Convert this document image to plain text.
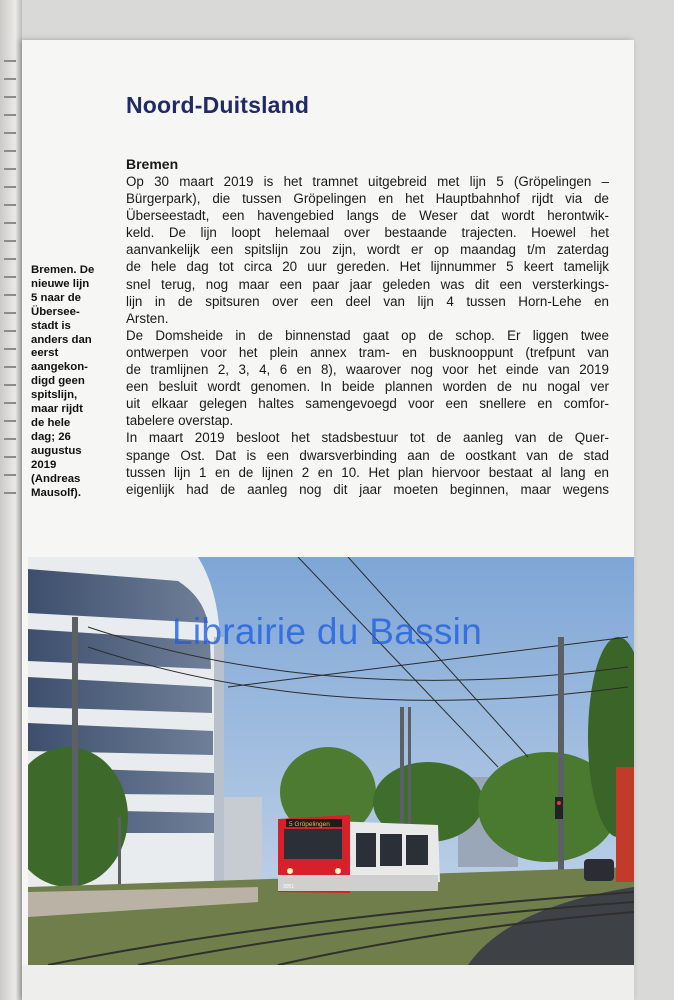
Noord-Duitsland
Bremen
Op 30 maart 2019 is het tramnet uitgebreid met lijn 5 (Gröpelingen –
Bürgerpark), die tussen Gröpelingen en het Hauptbahnhof rijdt via de
Überseestadt, een havengebied langs de Weser dat wordt herontwik-
keld. De lijn loopt helemaal over bestaande trajecten. Hoewel het
aanvankelijk een spitslijn zou zijn, wordt er op maandag t/m zaterdag
de hele dag tot circa 20 uur gereden. Het lijnnummer 5 keert tamelijk
snel terug, nog maar een paar jaar geleden was dit een versterkings-
lijn in de spitsuren over een deel van lijn 4 tussen Horn-Lehe en
Arsten.
De Domsheide in de binnenstad gaat op de schop. Er liggen twee
ontwerpen voor het plein annex tram- en busknooppunt (trefpunt van
de tramlijnen 2, 3, 4, 6 en 8), waarover nog voor het einde van 2019
een besluit wordt genomen. In beide plannen worden de nu nogal ver
uit elkaar gelegen haltes samengevoegd voor een snellere en comfor-
tabelere overstap.
In maart 2019 besloot het stadsbestuur tot de aanleg van de Quer-
spange Ost. Dat is een dwarsverbinding aan de oostkant van de stad
tussen lijn 1 en de lijnen 2 en 10. Het plan hiervoor bestaat al lang en
eigenlijk had de aanleg nog dit jaar moeten beginnen, maar wegens
Bremen. De
nieuwe lijn
5 naar de
Übersee-
stadt is
anders dan
eerst
aangekon-
digd geen
spitslijn,
maar rijdt
de hele
dag; 26
augustus
2019
(Andreas
Mausolf).
5 Gröpelingen
3051
Librairie du Bassin
